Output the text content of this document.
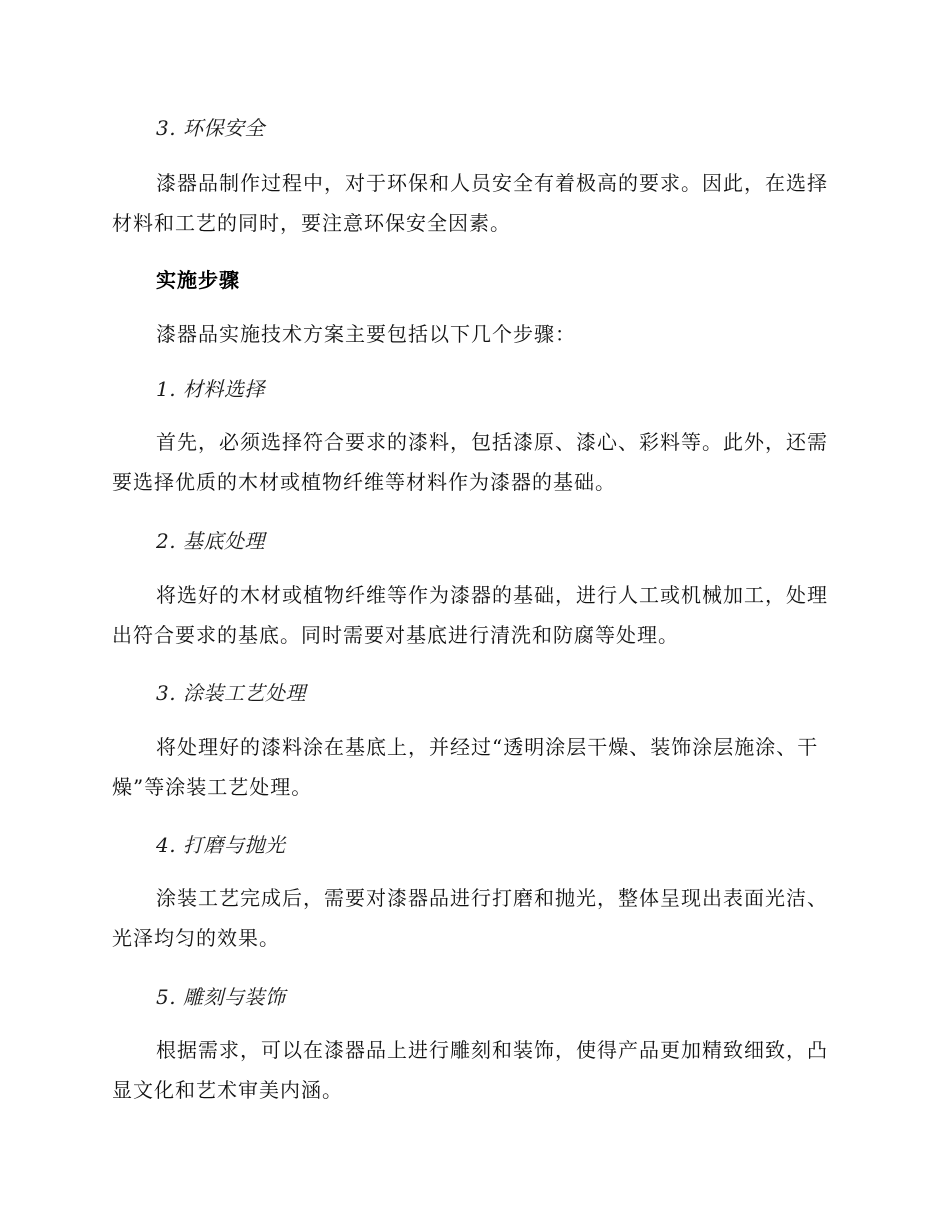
3. 环保安全

漆器品制作过程中，对于环保和人员安全有着极高的要求。因此，在选择材料和工艺的同时，要注意环保安全因素。

实施步骤

漆器品实施技术方案主要包括以下几个步骤：

1. 材料选择

首先，必须选择符合要求的漆料，包括漆原、漆心、彩料等。此外，还需要选择优质的木材或植物纤维等材料作为漆器的基础。

2. 基底处理

将选好的木材或植物纤维等作为漆器的基础，进行人工或机械加工，处理出符合要求的基底。同时需要对基底进行清洗和防腐等处理。

3. 涂装工艺处理

将处理好的漆料涂在基底上，并经过“透明涂层干燥、装饰涂层施涂、干燥”等涂装工艺处理。

4. 打磨与抛光

涂装工艺完成后，需要对漆器品进行打磨和抛光，整体呈现出表面光洁、光泽均匀的效果。

5. 雕刻与装饰

根据需求，可以在漆器品上进行雕刻和装饰，使得产品更加精致细致，凸显文化和艺术审美内涵。
